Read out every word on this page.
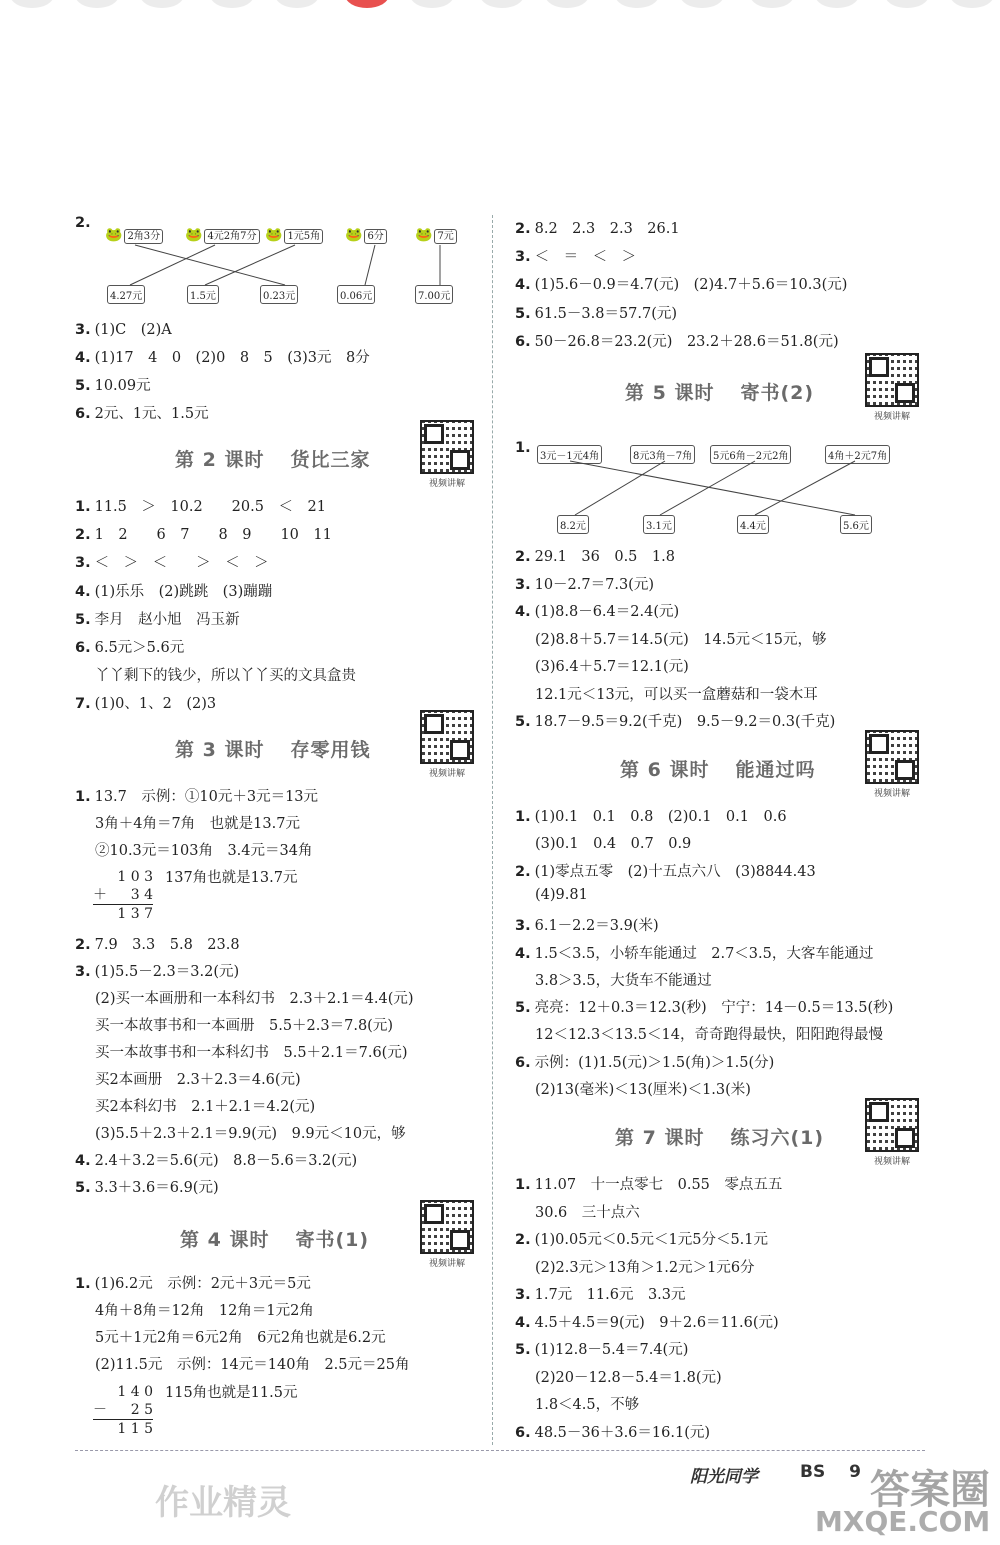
2.
🐸 2角3分 🐸 4元2角7分 🐸 1元5角 🐸 6分 🐸 7元
4.27元	1.5元	0.23元	0.06元	7.00元
3. (1)C　(2)A
4. (1)17　4　0　(2)0　8　5　(3)3元　8分
5. 10.09元
6. 2元、1元、1.5元
第 2 课时 货比三家
视频讲解
1. 11.5　＞　10.2　　20.5　＜　21
2. 1　2　　6　7　　8　9　　10　11
3. ＜　＞　＜　　＞　＜　＞
4. (1)乐乐　(2)跳跳　(3)蹦蹦
5. 李月　赵小旭　冯玉新
6. 6.5元＞5.6元
丫丫剩下的钱少，所以丫丫买的文具盒贵
7. (1)0、1、2　(2)3
第 3 课时 存零用钱
视频讲解
1. 13.7　示例：①10元＋3元＝13元
3角＋4角＝7角　也就是13.7元
②10.3元＝103角　3.4元＝34角
137角也就是13.7元
1 0 3
＋ 3 4
1 3 7
2. 7.9　3.3　5.8　23.8
3. (1)5.5－2.3＝3.2(元)
(2)买一本画册和一本科幻书　2.3＋2.1＝4.4(元)
买一本故事书和一本画册　5.5＋2.3＝7.8(元)
买一本故事书和一本科幻书　5.5＋2.1＝7.6(元)
买2本画册　2.3＋2.3＝4.6(元)
买2本科幻书　2.1＋2.1＝4.2(元)
(3)5.5＋2.3＋2.1＝9.9(元)　9.9元＜10元，够
4. 2.4＋3.2＝5.6(元)　8.8－5.6＝3.2(元)
5. 3.3＋3.6＝6.9(元)
第 4 课时 寄书(1)
视频讲解
1. (1)6.2元　示例：2元＋3元＝5元
4角＋8角＝12角　12角＝1元2角
5元＋1元2角＝6元2角　6元2角也就是6.2元
(2)11.5元　示例：14元＝140角　2.5元＝25角
115角也就是11.5元
1 4 0
－ 2 5
1 1 5
2. 8.2　2.3　2.3　26.1
3. ＜　＝　＜　＞
4. (1)5.6－0.9＝4.7(元)　(2)4.7＋5.6＝10.3(元)
5. 61.5－3.8＝57.7(元)
6. 50－26.8＝23.2(元)　23.2＋28.6＝51.8(元)
第 5 课时 寄书(2)
视频讲解
1.
3元－1元4角	8元3角－7角	5元6角－2元2角	4角＋2元7角
8.2元	3.1元	4.4元	5.6元
2. 29.1　36　0.5　1.8
3. 10－2.7＝7.3(元)
4. (1)8.8－6.4＝2.4(元)
(2)8.8＋5.7＝14.5(元)　14.5元＜15元，够
(3)6.4＋5.7＝12.1(元)
12.1元＜13元，可以买一盒蘑菇和一袋木耳
5. 18.7－9.5＝9.2(千克)　9.5－9.2＝0.3(千克)
第 6 课时 能通过吗
视频讲解
1. (1)0.1　0.1　0.8　(2)0.1　0.1　0.6
(3)0.1　0.4　0.7　0.9
2. (1)零点五零　(2)十五点六八　(3)8844.43
(4)9.81
3. 6.1－2.2＝3.9(米)
4. 1.5＜3.5，小轿车能通过　2.7＜3.5，大客车能通过
3.8＞3.5，大货车不能通过
5. 亮亮：12＋0.3＝12.3(秒)　宁宁：14－0.5＝13.5(秒)
12＜12.3＜13.5＜14，奇奇跑得最快，阳阳跑得最慢
6. 示例：(1)1.5(元)＞1.5(角)＞1.5(分)
(2)13(毫米)＜13(厘米)＜1.3(米)
第 7 课时 练习六(1)
视频讲解
1. 11.07　十一点零七　0.55　零点五五
30.6　三十点六
2. (1)0.05元＜0.5元＜1元5分＜5.1元
(2)2.3元＞13角＞1.2元＞1元6分
3. 1.7元　11.6元　3.3元
4. 4.5＋4.5＝9(元)　9＋2.6＝11.6(元)
5. (1)12.8－5.4＝7.4(元)
(2)20－12.8－5.4＝1.8(元)
1.8＜4.5，不够
6. 48.5－36＋3.6＝16.1(元)
阳光同学 BS 9
作业精灵	答案圈
MXQE.COM
